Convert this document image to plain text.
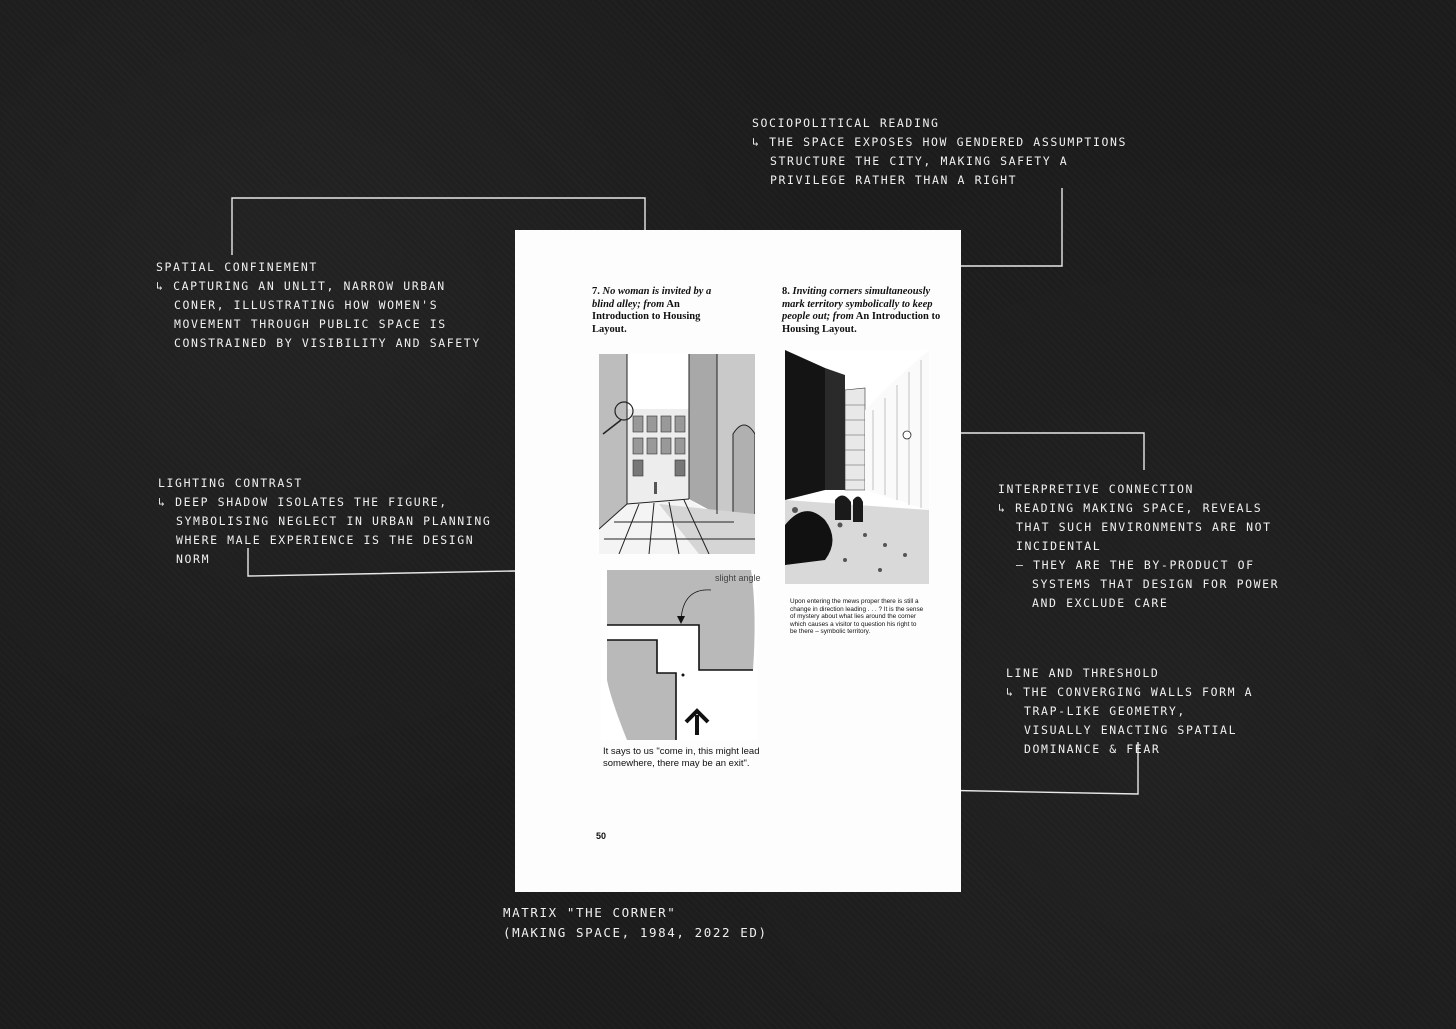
SPATIAL CONFINEMENT
↳ CAPTURING AN UNLIT, NARROW URBAN CONER, ILLUSTRATING HOW WOMEN'S MOVEMENT THROUGH PUBLIC SPACE IS CONSTRAINED BY VISIBILITY AND SAFETY
LIGHTING CONTRAST
↳ DEEP SHADOW ISOLATES THE FIGURE, SYMBOLISING NEGLECT IN URBAN PLANNING WHERE MALE EXPERIENCE IS THE DESIGN NORM
SOCIOPOLITICAL READING
↳ THE SPACE EXPOSES HOW GENDERED ASSUMPTIONS STRUCTURE THE CITY, MAKING SAFETY A PRIVILEGE RATHER THAN A RIGHT
INTERPRETIVE CONNECTION
↳ READING MAKING SPACE, REVEALS THAT SUCH ENVIRONMENTS ARE NOT INCIDENTAL
– THEY ARE THE BY-PRODUCT OF SYSTEMS THAT DESIGN FOR POWER AND EXCLUDE CARE
LINE AND THRESHOLD
↳ THE CONVERGING WALLS FORM A TRAP-LIKE GEOMETRY, VISUALLY ENACTING SPATIAL DOMINANCE & FEAR
7. No woman is invited by a blind alley; from An Introduction to Housing Layout.
8. Inviting corners simultaneously mark territory symbolically to keep people out; from An Introduction to Housing Layout.
slight angle
It says to us "come in, this might lead somewhere, there may be an exit".
Upon entering the mews proper there is still a change in direction leading . . . ? It is the sense of mystery about what lies around the corner which causes a visitor to question his right to be there – symbolic territory.
50
MATRIX "THE CORNER"
(MAKING SPACE, 1984, 2022 ED)
